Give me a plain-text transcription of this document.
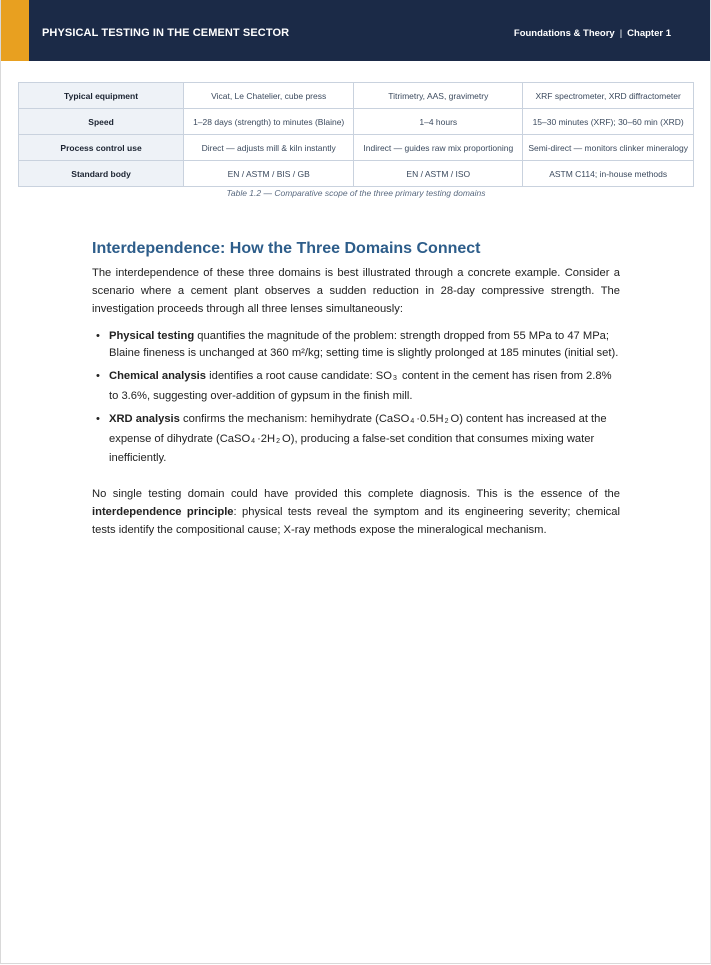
PHYSICAL TESTING IN THE CEMENT SECTOR	Foundations & Theory | Chapter 1
Typical equipment	Vicat, Le Chatelier, cube press	Titrimetry, AAS, gravimetry	XRF spectrometer, XRD diffractometer
Speed	1–28 days (strength) to minutes (Blaine)	1–4 hours	15–30 minutes (XRF); 30–60 min (XRD)
Process control use	Direct — adjusts mill & kiln instantly	Indirect — guides raw mix proportioning	Semi-direct — monitors clinker mineralogy
Standard body	EN / ASTM / BIS / GB	EN / ASTM / ISO	ASTM C114; in-house methods
Table 1.2 — Comparative scope of the three primary testing domains
Interdependence: How the Three Domains Connect

The interdependence of these three domains is best illustrated through a concrete example. Consider a scenario where a cement plant observes a sudden reduction in 28-day compressive strength. The investigation proceeds through all three lenses simultaneously:

• Physical testing quantifies the magnitude of the problem: strength dropped from 55 MPa to 47 MPa; Blaine fineness is unchanged at 360 m²/kg; setting time is slightly prolonged at 185 minutes (initial set).
• Chemical analysis identifies a root cause candidate: SO3 content in the cement has risen from 2.8% to 3.6%, suggesting over-addition of gypsum in the finish mill.
• XRD analysis confirms the mechanism: hemihydrate (CaSO4 ·0.5H2 O) content has increased at the expense of dihydrate (CaSO4 ·2H2 O), producing a false-set condition that consumes mixing water inefficiently.

No single testing domain could have provided this complete diagnosis. This is the essence of the interdependence principle: physical tests reveal the symptom and its engineering severity; chemical tests identify the compositional cause; X-ray methods expose the mineralogical mechanism.
